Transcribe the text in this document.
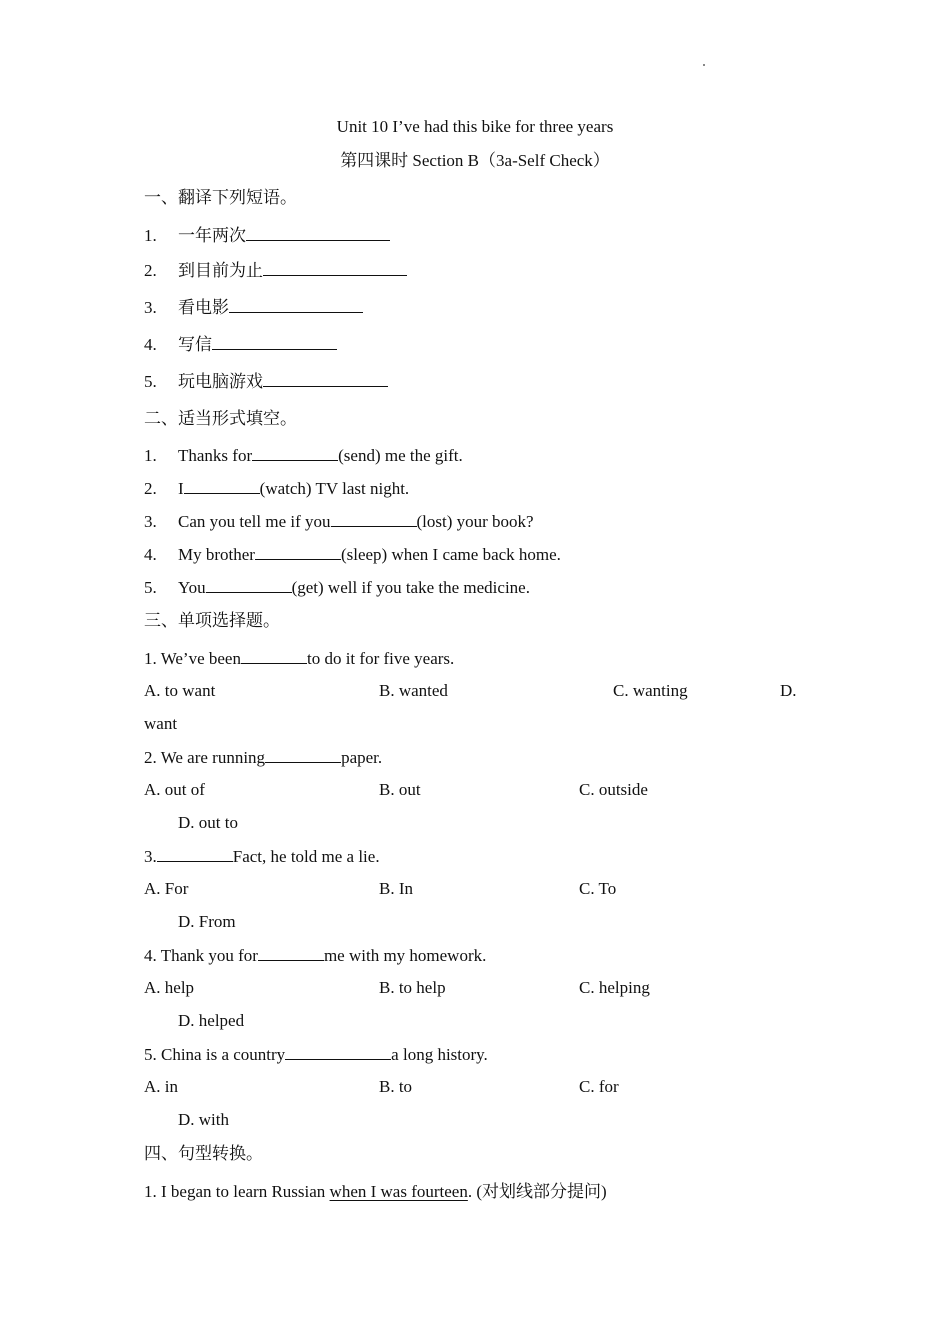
Unit 10 I’ve had this bike for three years
第四课时 Section B（3a-Self Check）
一、翻译下列短语。
1. 一年两次
2. 到目前为止
3. 看电影
4. 写信
5. 玩电脑游戏
二、适当形式填空。
1. Thanks for	(send) me the gift.
2. I	(watch) TV last night.
3. Can you tell me if you	(lost) your book?
4. My brother	(sleep) when I came back home.
5. You	(get) well if you take the medicine.
三、单项选择题。
1. We’ve been	to do it for five years.
A. to want	B. wanted	C. wanting	D.
want
2. We are running	paper.
A. out of	B. out	C. outside
D. out to
3.	Fact, he told me a lie.
A. For	B. In	C. To
D. From
4. Thank you for	me with my homework.
A. help	B. to help	C. helping
D. helped
5. China is a country	a long history.
A. in	B. to	C. for
D. with
四、句型转换。
1. I began to learn Russian when I was fourteen. (对划线部分提问)
